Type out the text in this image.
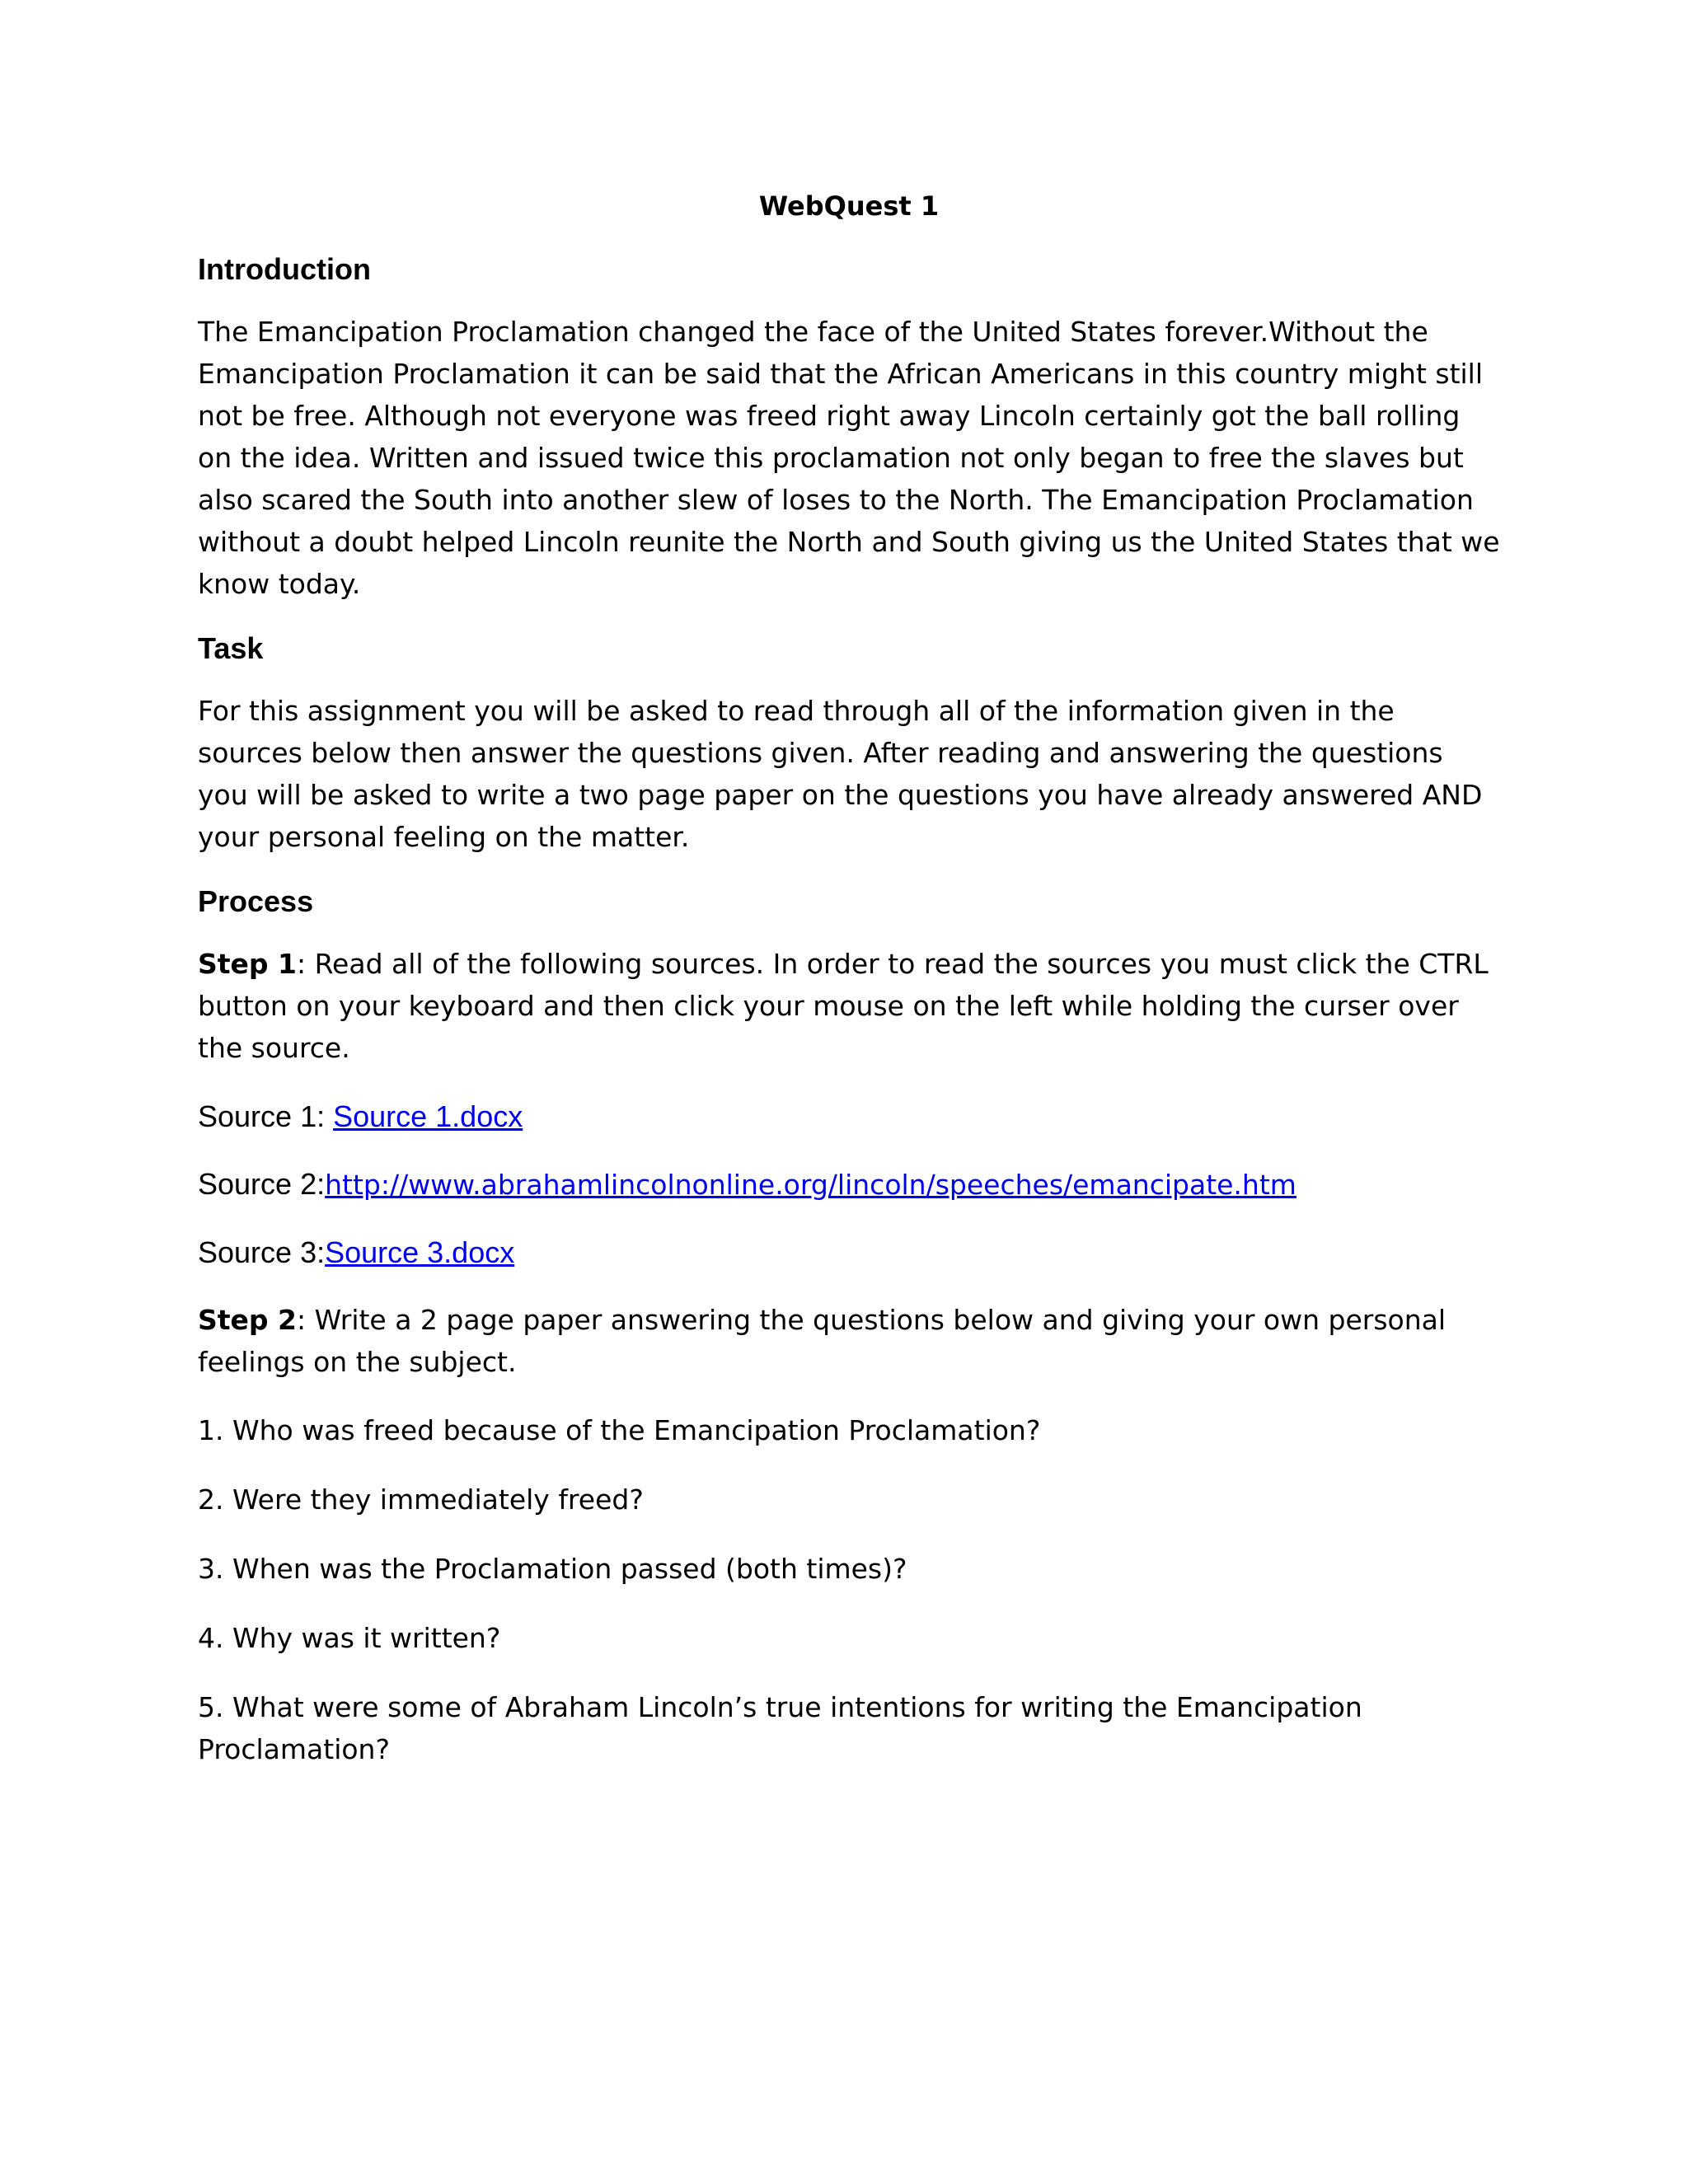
WebQuest 1
Introduction

The Emancipation Proclamation changed the face of the United States forever.Without the Emancipation Proclamation it can be said that the African Americans in this country might still not be free. Although not everyone was freed right away Lincoln certainly got the ball rolling on the idea. Written and issued twice this proclamation not only began to free the slaves but also scared the South into another slew of loses to the North. The Emancipation Proclamation without a doubt helped Lincoln reunite the North and South giving us the United States that we know today.

Task

For this assignment you will be asked to read through all of the information given in the sources below then answer the questions given. After reading and answering the questions you will be asked to write a two page paper on the questions you have already answered AND your personal feeling on the matter.

Process

Step 1: Read all of the following sources. In order to read the sources you must click the CTRL button on your keyboard and then click your mouse on the left while holding the curser over the source.

Source 1: Source 1.docx

Source 2:http://www.abrahamlincolnonline.org/lincoln/speeches/emancipate.htm

Source 3:Source 3.docx

Step 2: Write a 2 page paper answering the questions below and giving your own personal feelings on the subject.

1. Who was freed because of the Emancipation Proclamation?

2. Were they immediately freed?

3. When was the Proclamation passed (both times)?

4. Why was it written?

5. What were some of Abraham Lincoln’s true intentions for writing the Emancipation Proclamation?
